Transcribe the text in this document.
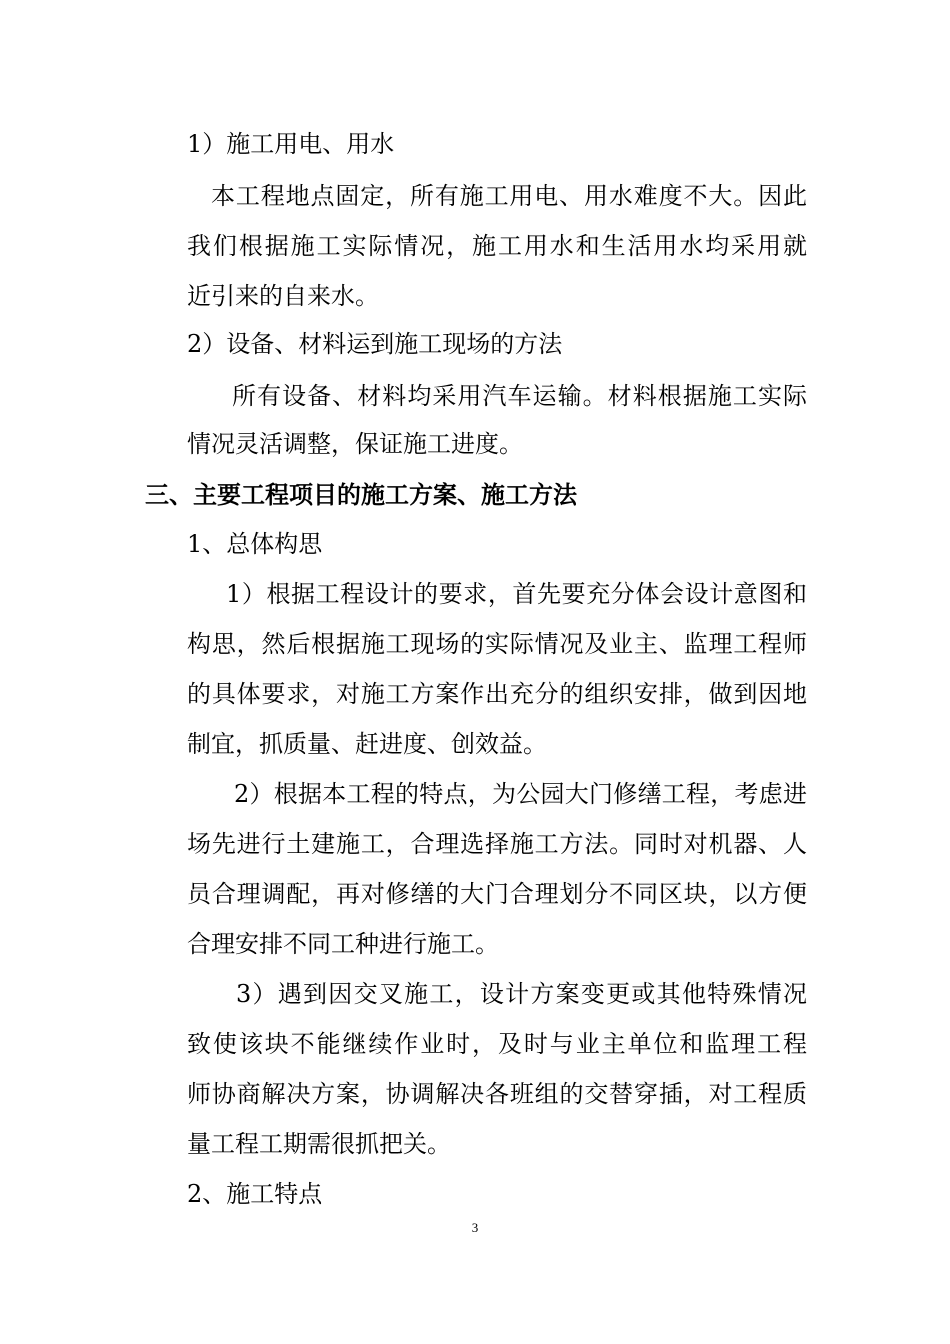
1）施工用电、用水
本工程地点固定，所有施工用电、用水难度不大。因此
我们根据施工实际情况，施工用水和生活用水均采用就
近引来的自来水。
2）设备、材料运到施工现场的方法
所有设备、材料均采用汽车运输。材料根据施工实际
情况灵活调整，保证施工进度。
三、主要工程项目的施工方案、施工方法
1、总体构思
1）根据工程设计的要求，首先要充分体会设计意图和
构思，然后根据施工现场的实际情况及业主、监理工程师
的具体要求，对施工方案作出充分的组织安排，做到因地
制宜，抓质量、赶进度、创效益。
2）根据本工程的特点，为公园大门修缮工程，考虑进
场先进行土建施工，合理选择施工方法。同时对机器、人
员合理调配，再对修缮的大门合理划分不同区块，以方便
合理安排不同工种进行施工。
3）遇到因交叉施工，设计方案变更或其他特殊情况
致使该块不能继续作业时，及时与业主单位和监理工程
师协商解决方案，协调解决各班组的交替穿插，对工程质
量工程工期需很抓把关。
2、施工特点
3
